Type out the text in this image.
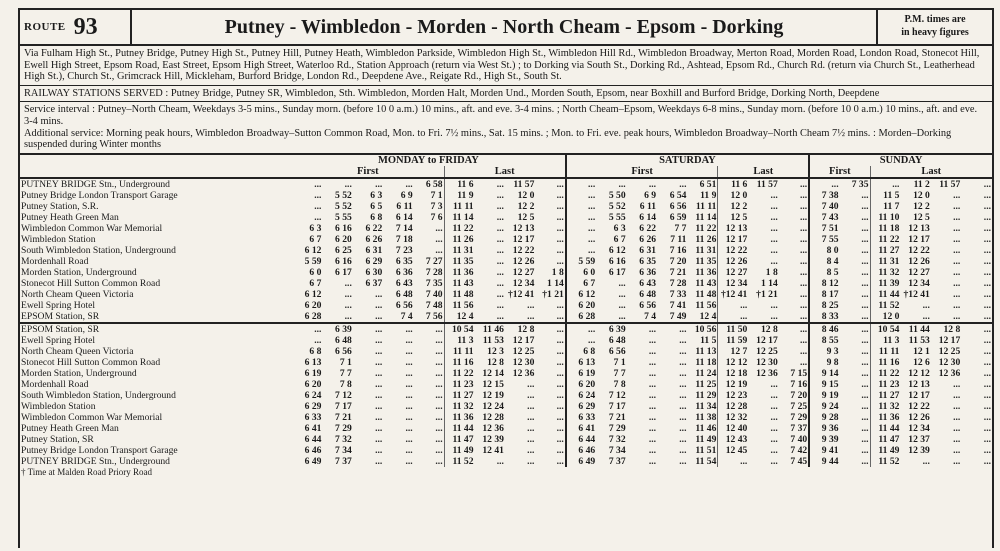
ROUTE 93	Putney - Wimbledon - Morden - North Cheam - Epsom - Dorking	P.M. times are
in heavy figures
Via Fulham High St., Putney Bridge, Putney High St., Putney Hill, Putney Heath, Wimbledon Parkside, Wimbledon High St., Wimbledon Hill Rd., Wimbledon Broadway, Merton Road, Morden Road, London Road, Stonecot Hill, Ewell High Street, Epsom Road, East Street, Epsom High Street, Waterloo Rd., Station Approach (return via West St.) ; to Dorking via South St., Dorking Rd., Ashtead, Epsom Rd., Church Rd. (return via Church St., Leatherhead High St.), Church St., Grimcrack Hill, Mickleham, Burford Bridge, London Rd., Deepdene Ave., Reigate Rd., High St., South St.
RAILWAY STATIONS SERVED : Putney Bridge, Putney SR, Wimbledon, Sth. Wimbledon, Morden Halt, Morden Und., Morden South, Epsom, near Boxhill and Burford Bridge, Dorking North, Deepdene
Service interval : Putney–North Cheam, Weekdays 3-5 mins., Sunday morn. (before 10 0 a.m.) 10 mins., aft. and eve. 3-4 mins. ; North Cheam–Epsom, Weekdays 6-8 mins., Sunday morn. (before 10 0 a.m.) 10 mins., aft. and eve. 3-4 mins.
Additional service: Morning peak hours, Wimbledon Broadway–Sutton Common Road, Mon. to Fri. 7½ mins., Sat. 15 mins. ; Mon. to Fri. eve. peak hours, Wimbledon Broadway–North Cheam 7½ mins. : Morden–Dorking suspended during Winter months
	MONDAY to FRIDAY									SATURDAY								SUNDAY					
	First					Last				First					Last			First		Last			
PUTNEY BRIDGE Stn., Underground	...	...	...	...	6 58	11 6	...	11 57	...	...	...	...	...	6 51	11 6	11 57	...	...	7 35	...	11 2	11 57	...
Putney Bridge London Transport Garage	...	5 52	6 3	6 9	7 1	11 9	...	12 0	...	...	5 50	6 9	6 54	11 9	12 0	...	...	7 38	...	11 5	12 0	...	...
Putney Station, S.R.	...	5 52	6 5	6 11	7 3	11 11	...	12 2	...	...	5 52	6 11	6 56	11 11	12 2	...	...	7 40	...	11 7	12 2	...	...
Putney Heath Green Man	...	5 55	6 8	6 14	7 6	11 14	...	12 5	...	...	5 55	6 14	6 59	11 14	12 5	...	...	7 43	...	11 10	12 5	...	...
Wimbledon Common War Memorial	6 3	6 16	6 22	7 14	...	11 22	...	12 13	...	...	6 3	6 22	7 7	11 22	12 13	...	...	7 51	...	11 18	12 13	...	...
Wimbledon Station	6 7	6 20	6 26	7 18	...	11 26	...	12 17	...	...	6 7	6 26	7 11	11 26	12 17	...	...	7 55	...	11 22	12 17	...	...
South Wimbledon Station, Underground	6 12	6 25	6 31	7 23	...	11 31	...	12 22	...	...	6 12	6 31	7 16	11 31	12 22	...	...	8 0	...	11 27	12 22	...	...
Mordenhall Road	5 59	6 16	6 29	6 35	7 27	11 35	...	12 26	...	5 59	6 16	6 35	7 20	11 35	12 26	...	...	8 4	...	11 31	12 26	...	...
Morden Station, Underground	6 0	6 17	6 30	6 36	7 28	11 36	...	12 27	1 8	6 0	6 17	6 36	7 21	11 36	12 27	1 8	...	8 5	...	11 32	12 27	...	...
Stonecot Hill Sutton Common Road	6 7	...	6 37	6 43	7 35	11 43	...	12 34	1 14	6 7	...	6 43	7 28	11 43	12 34	1 14	...	8 12	...	11 39	12 34	...	...
North Cheam Queen Victoria	6 12	...	...	6 48	7 40	11 48	...	†12 41	†1 21	6 12	...	6 48	7 33	11 48	†12 41	†1 21	...	8 17	...	11 44	†12 41	...	...
Ewell Spring Hotel	6 20	...	...	6 56	7 48	11 56	...	...	...	6 20	...	6 56	7 41	11 56	...	...	...	8 25	...	11 52	...	...	...
EPSOM Station, SR	6 28	...	...	7 4	7 56	12 4	...	...	...	6 28	...	7 4	7 49	12 4	...	...	...	8 33	...	12 0	...	...	...
EPSOM Station, SR	...	6 39	...	...	...	10 54	11 46	12 8	...	...	6 39	...	...	10 56	11 50	12 8	...	8 46	...	10 54	11 44	12 8	...
Ewell Spring Hotel	...	6 48	...	...	...	11 3	11 53	12 17	...	...	6 48	...	...	11 5	11 59	12 17	...	8 55	...	11 3	11 53	12 17	...
North Cheam Queen Victoria	6 8	6 56	...	...	...	11 11	12 3	12 25	...	6 8	6 56	...	...	11 13	12 7	12 25	...	9 3	...	11 11	12 1	12 25	...
Stonecot Hill Sutton Common Road	6 13	7 1	...	...	...	11 16	12 8	12 30	...	6 13	7 1	...	...	11 18	12 12	12 30	...	9 8	...	11 16	12 6	12 30	...
Morden Station, Underground	6 19	7 7	...	...	...	11 22	12 14	12 36	...	6 19	7 7	...	...	11 24	12 18	12 36	7 15	9 14	...	11 22	12 12	12 36	...
Mordenhall Road	6 20	7 8	...	...	...	11 23	12 15	...	...	6 20	7 8	...	...	11 25	12 19	...	7 16	9 15	...	11 23	12 13	...	...
South Wimbledon Station, Underground	6 24	7 12	...	...	...	11 27	12 19	...	...	6 24	7 12	...	...	11 29	12 23	...	7 20	9 19	...	11 27	12 17	...	...
Wimbledon Station	6 29	7 17	...	...	...	11 32	12 24	...	...	6 29	7 17	...	...	11 34	12 28	...	7 25	9 24	...	11 32	12 22	...	...
Wimbledon Common War Memorial	6 33	7 21	...	...	...	11 36	12 28	...	...	6 33	7 21	...	...	11 38	12 32	...	7 29	9 28	...	11 36	12 26	...	...
Putney Heath Green Man	6 41	7 29	...	...	...	11 44	12 36	...	...	6 41	7 29	...	...	11 46	12 40	...	7 37	9 36	...	11 44	12 34	...	...
Putney Station, SR	6 44	7 32	...	...	...	11 47	12 39	...	...	6 44	7 32	...	...	11 49	12 43	...	7 40	9 39	...	11 47	12 37	...	...
Putney Bridge London Transport Garage	6 46	7 34	...	...	...	11 49	12 41	...	...	6 46	7 34	...	...	11 51	12 45	...	7 42	9 41	...	11 49	12 39	...	...
PUTNEY BRIDGE Stn., Underground	6 49	7 37	...	...	...	11 52	...	...	...	6 49	7 37	...	...	11 54	...	...	7 45	9 44	...	11 52	...	...	...
† Time at Malden Road Priory Road																							
